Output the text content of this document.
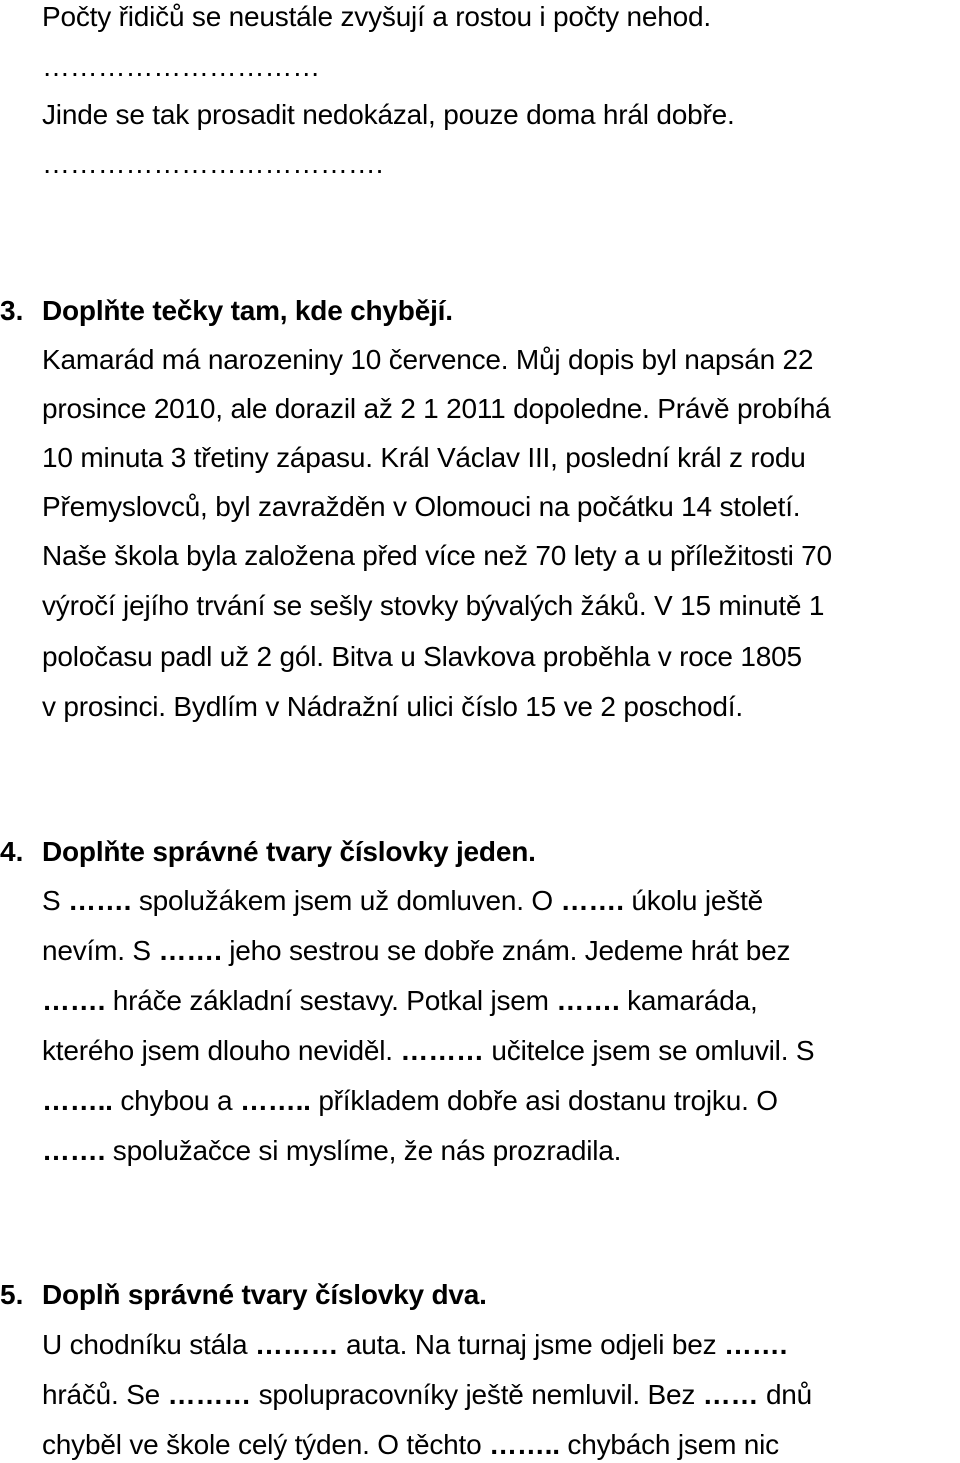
Počty řidičů se neustále zvyšují a rostou i počty nehod.
…………………………
Jinde se tak prosadit nedokázal, pouze doma hrál dobře.
……………………………….
3. Doplňte tečky tam, kde chybějí.
Kamarád má narozeniny 10 července. Můj dopis byl napsán 22
prosince 2010, ale dorazil až 2 1 2011 dopoledne. Právě probíhá
10 minuta 3 třetiny zápasu. Král Václav III, poslední král z rodu
Přemyslovců, byl zavražděn v Olomouci na počátku 14 století.
Naše škola byla založena před více než 70 lety a u příležitosti 70
výročí jejího trvání se sešly stovky bývalých žáků. V 15 minutě 1
poločasu padl už 2 gól. Bitva u Slavkova proběhla v roce 1805
v prosinci. Bydlím v Nádražní ulici číslo 15 ve 2 poschodí.
4. Doplňte správné tvary číslovky jeden.
S ……. spolužákem jsem už domluven. O ……. úkolu ještě
nevím. S ……. jeho sestrou se dobře znám. Jedeme hrát bez
……. hráče základní sestavy. Potkal jsem ……. kamaráda,
kterého jsem dlouho neviděl. ……… učitelce jsem se omluvil. S
…….. chybou a …….. příkladem dobře asi dostanu trojku. O
……. spolužačce si myslíme, že nás prozradila.
5. Doplň správné tvary číslovky dva.
U chodníku stála ……… auta. Na turnaj jsme odjeli bez …….
hráčů. Se ……… spolupracovníky ještě nemluvil. Bez …… dnů
chyběl ve škole celý týden. O těchto …….. chybách jsem nic
